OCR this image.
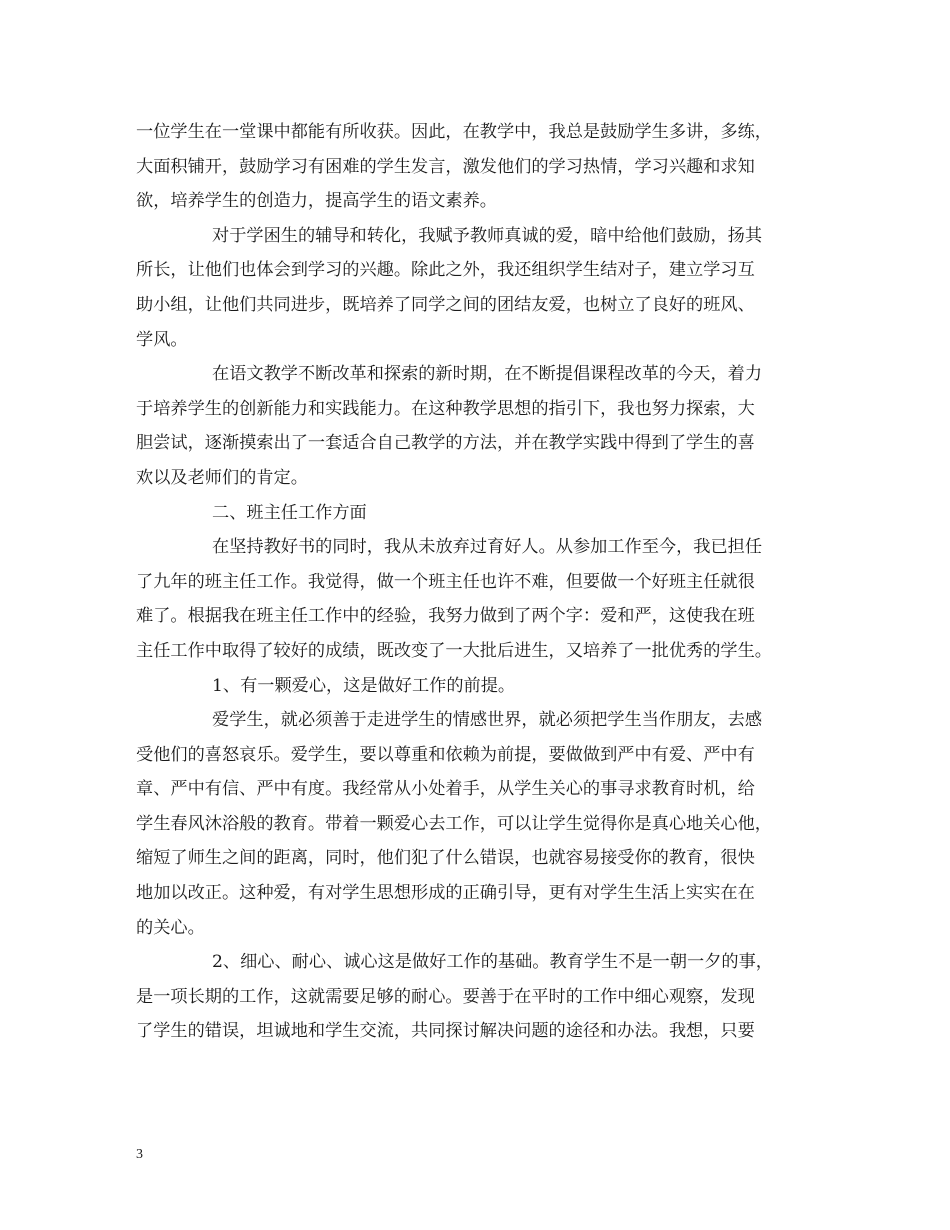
一位学生在一堂课中都能有所收获。因此，在教学中，我总是鼓励学生多讲，多练，
大面积铺开，鼓励学习有困难的学生发言，激发他们的学习热情，学习兴趣和求知
欲，培养学生的创造力，提高学生的语文素养。
对于学困生的辅导和转化，我赋予教师真诚的爱，暗中给他们鼓励，扬其
所长，让他们也体会到学习的兴趣。除此之外，我还组织学生结对子，建立学习互
助小组，让他们共同进步，既培养了同学之间的团结友爱，也树立了良好的班风、
学风。
在语文教学不断改革和探索的新时期，在不断提倡课程改革的今天，着力
于培养学生的创新能力和实践能力。在这种教学思想的指引下，我也努力探索，大
胆尝试，逐渐摸索出了一套适合自己教学的方法，并在教学实践中得到了学生的喜
欢以及老师们的肯定。
二、班主任工作方面
在坚持教好书的同时，我从未放弃过育好人。从参加工作至今，我已担任
了九年的班主任工作。我觉得，做一个班主任也许不难，但要做一个好班主任就很
难了。根据我在班主任工作中的经验，我努力做到了两个字：爱和严，这使我在班
主任工作中取得了较好的成绩，既改变了一大批后进生，又培养了一批优秀的学生。
1、有一颗爱心，这是做好工作的前提。
爱学生，就必须善于走进学生的情感世界，就必须把学生当作朋友，去感
受他们的喜怒哀乐。爱学生，要以尊重和依赖为前提，要做做到严中有爱、严中有
章、严中有信、严中有度。我经常从小处着手，从学生关心的事寻求教育时机，给
学生春风沐浴般的教育。带着一颗爱心去工作，可以让学生觉得你是真心地关心他，
缩短了师生之间的距离，同时，他们犯了什么错误，也就容易接受你的教育，很快
地加以改正。这种爱，有对学生思想形成的正确引导，更有对学生生活上实实在在
的关心。
2、细心、耐心、诚心这是做好工作的基础。教育学生不是一朝一夕的事，
是一项长期的工作，这就需要足够的耐心。要善于在平时的工作中细心观察，发现
了学生的错误，坦诚地和学生交流，共同探讨解决问题的途径和办法。我想，只要
3
